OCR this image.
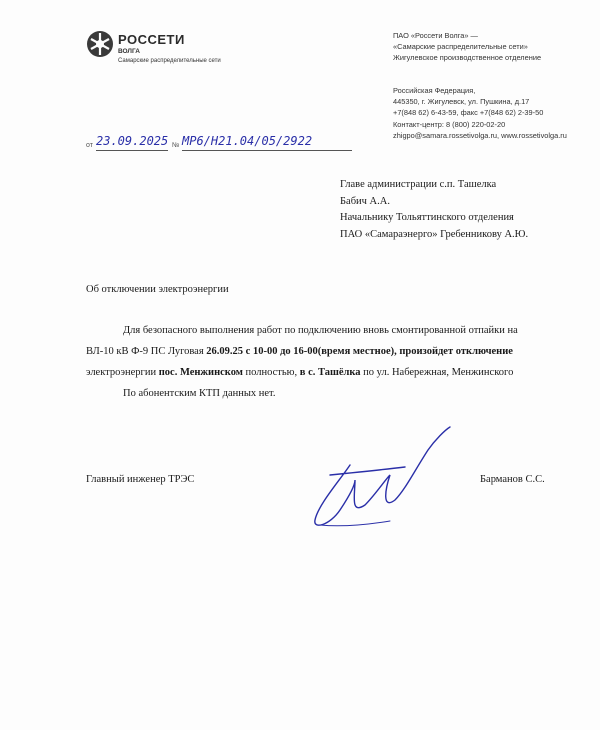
РОССЕТИ
ВОЛГА
Самарские распределительные сети
ПАО «Россети Волга» —
«Самарские распределительные сети»
Жигулевское производственное отделение
Российская Федерация,
445350, г. Жигулевск, ул. Пушкина, д.17
+7(848 62) 6-43-59, факс +7(848 62) 2-39-50
Контакт-центр: 8 (800) 220-02-20
zhigpo@samara.rossetivolga.ru, www.rossetivolga.ru
от 23.09.2025 № МР6/Н21.04/05/2922
Главе администрации с.п. Ташелка
Бабич А.А.
Начальнику Тольяттинского отделения
ПАО «Самараэнерго» Гребенникову А.Ю.
Об отключении электроэнергии

Для безопасного выполнения работ по подключению вновь смонтированной отпайки на ВЛ-10 кВ Ф-9 ПС Луговая 26.09.25 с 10-00 до 16-00(время местное), произойдет отключение электроэнергии пос. Менжинском полностью, в с. Ташёлка по ул. Набережная, Менжинского

По абонентским КТП данных нет.

Главный инженер ТРЭС	Барманов С.С.
